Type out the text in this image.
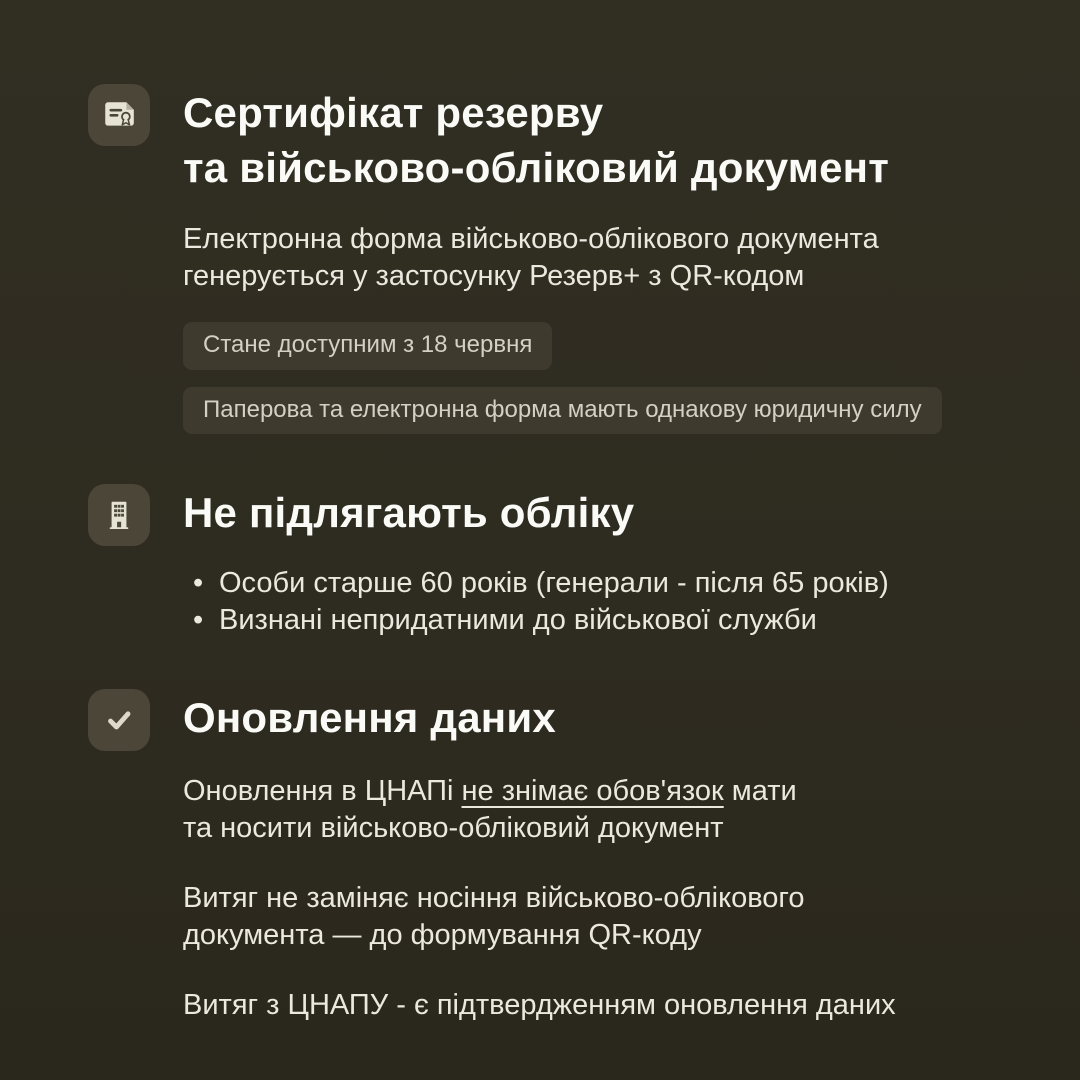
Сертифікат резерву
та військово-обліковий документ

Електронна форма військово-облікового документа
генерується у застосунку Резерв+ з QR-кодом

Стане доступним з 18 червня
Паперова та електронна форма мають однакову юридичну силу
Не підлягають обліку
• Особи старше 60 років (генерали - після 65 років)
• Визнані непридатними до військової служби
Оновлення даних

Оновлення в ЦНАПі не знімає обов'язок мати
та носити військово-обліковий документ

Витяг не заміняє носіння військово-облікового
документа — до формування QR-коду

Витяг з ЦНАПУ - є підтвердженням оновлення даних
